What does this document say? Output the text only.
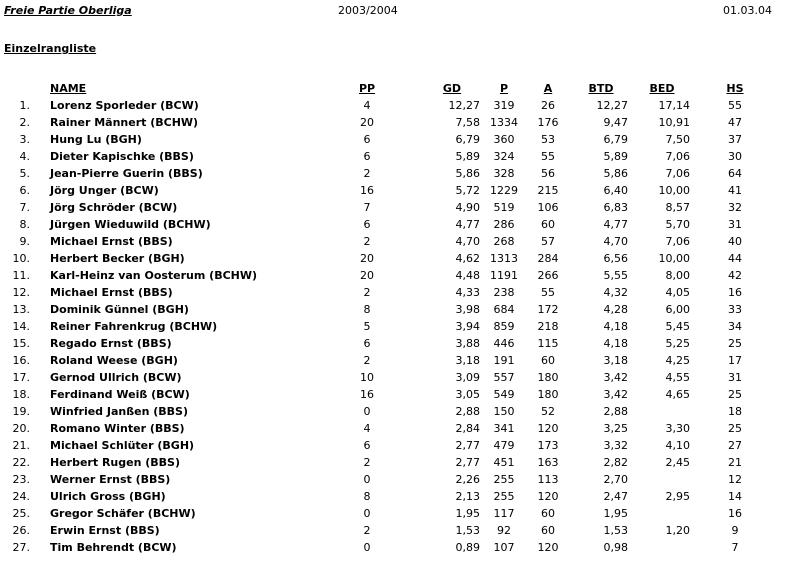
Freie Partie Oberliga	2003/2004	01.03.04
Einzelrangliste
	NAME	PP	GD	P	A	BTD	BED	HS
1.	Lorenz Sporleder (BCW)	4	12,27	319	26	12,27	17,14	55
2.	Rainer Männert (BCHW)	20	7,58	1334	176	9,47	10,91	47
3.	Hung Lu (BGH)	6	6,79	360	53	6,79	7,50	37
4.	Dieter Kapischke (BBS)	6	5,89	324	55	5,89	7,06	30
5.	Jean-Pierre Guerin (BBS)	2	5,86	328	56	5,86	7,06	64
6.	Jörg Unger (BCW)	16	5,72	1229	215	6,40	10,00	41
7.	Jörg Schröder (BCW)	7	4,90	519	106	6,83	8,57	32
8.	Jürgen Wieduwild (BCHW)	6	4,77	286	60	4,77	5,70	31
9.	Michael Ernst (BBS)	2	4,70	268	57	4,70	7,06	40
10.	Herbert Becker (BGH)	20	4,62	1313	284	6,56	10,00	44
11.	Karl-Heinz van Oosterum (BCHW)	20	4,48	1191	266	5,55	8,00	42
12.	Michael Ernst (BBS)	2	4,33	238	55	4,32	4,05	16
13.	Dominik Günnel (BGH)	8	3,98	684	172	4,28	6,00	33
14.	Reiner Fahrenkrug (BCHW)	5	3,94	859	218	4,18	5,45	34
15.	Regado Ernst (BBS)	6	3,88	446	115	4,18	5,25	25
16.	Roland Weese (BGH)	2	3,18	191	60	3,18	4,25	17
17.	Gernod Ullrich (BCW)	10	3,09	557	180	3,42	4,55	31
18.	Ferdinand Weiß (BCW)	16	3,05	549	180	3,42	4,65	25
19.	Winfried Janßen (BBS)	0	2,88	150	52	2,88		18
20.	Romano Winter (BBS)	4	2,84	341	120	3,25	3,30	25
21.	Michael Schlüter (BGH)	6	2,77	479	173	3,32	4,10	27
22.	Herbert Rugen (BBS)	2	2,77	451	163	2,82	2,45	21
23.	Werner Ernst (BBS)	0	2,26	255	113	2,70		12
24.	Ulrich Gross (BGH)	8	2,13	255	120	2,47	2,95	14
25.	Gregor Schäfer (BCHW)	0	1,95	117	60	1,95		16
26.	Erwin Ernst (BBS)	2	1,53	92	60	1,53	1,20	9
27.	Tim Behrendt (BCW)	0	0,89	107	120	0,98		7
